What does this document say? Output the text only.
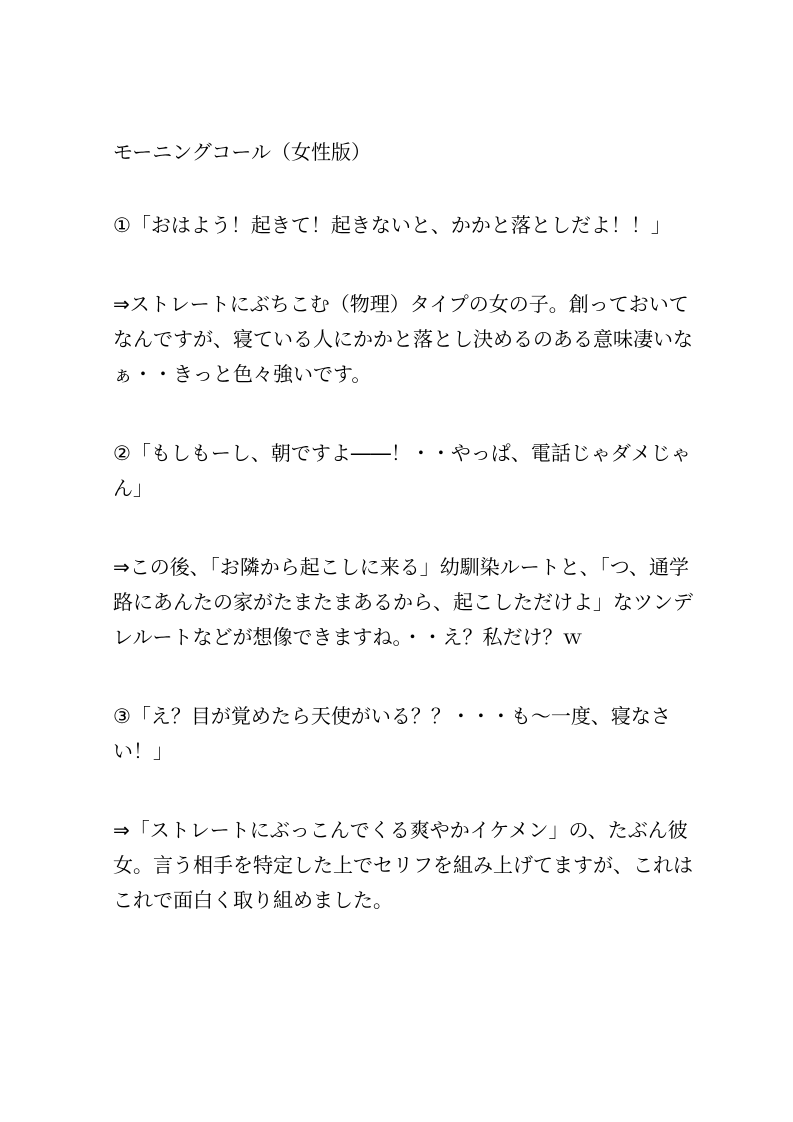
モーニングコール（女性版）

①「おはよう！起きて！起きないと、かかと落としだよ！！」

⇒ストレートにぶちこむ（物理）タイプの女の子。創っておいてなんですが、寝ている人にかかと落とし決めるのある意味凄いなぁ・・きっと色々強いです。

②「もしもーし、朝ですよ――！・・やっぱ、電話じゃダメじゃん」

⇒この後、「お隣から起こしに来る」幼馴染ルートと、「つ、通学路にあんたの家がたまたまあるから、起こしただけよ」なツンデレルートなどが想像できますね。・・え？私だけ？ｗ

③「え？目が覚めたら天使がいる？？・・・も～一度、寝なさい！」

⇒「ストレートにぶっこんでくる爽やかイケメン」の、たぶん彼女。言う相手を特定した上でセリフを組み上げてますが、これはこれで面白く取り組めました。
